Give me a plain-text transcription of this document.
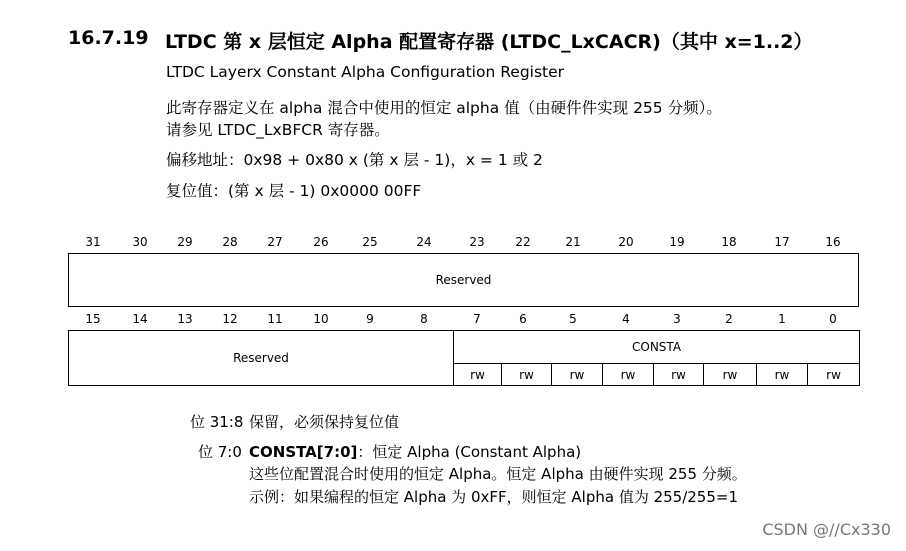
16.7.19 LTDC 第 x 层恒定 Alpha 配置寄存器 (LTDC_LxCACR)（其中 x=1..2）
LTDC Layerx Constant Alpha Configuration Register
此寄存器定义在 alpha 混合中使用的恒定 alpha 值（由硬件件实现 255 分频）。
请参见 LTDC_LxBFCR 寄存器。
偏移地址：0x98 + 0x80 x (第 x 层 - 1)，x = 1 或 2
复位值：(第 x 层 - 1) 0x0000 00FF
31	30	29	28	27	26	25	24	23	22	21	20	19	18	17	16
Reserved
15	14	13	12	11	10	9	8	7	6	5	4	3	2	1	0
Reserved	CONSTA							
	rw	rw	rw	rw	rw	rw	rw	rw
位 31:8 保留，必须保持复位值
位 7:0 CONSTA[7:0]：恒定 Alpha (Constant Alpha)
这些位配置混合时使用的恒定 Alpha。恒定 Alpha 由硬件实现 255 分频。
示例：如果编程的恒定 Alpha 为 0xFF，则恒定 Alpha 值为 255/255=1
CSDN @//Cx330
